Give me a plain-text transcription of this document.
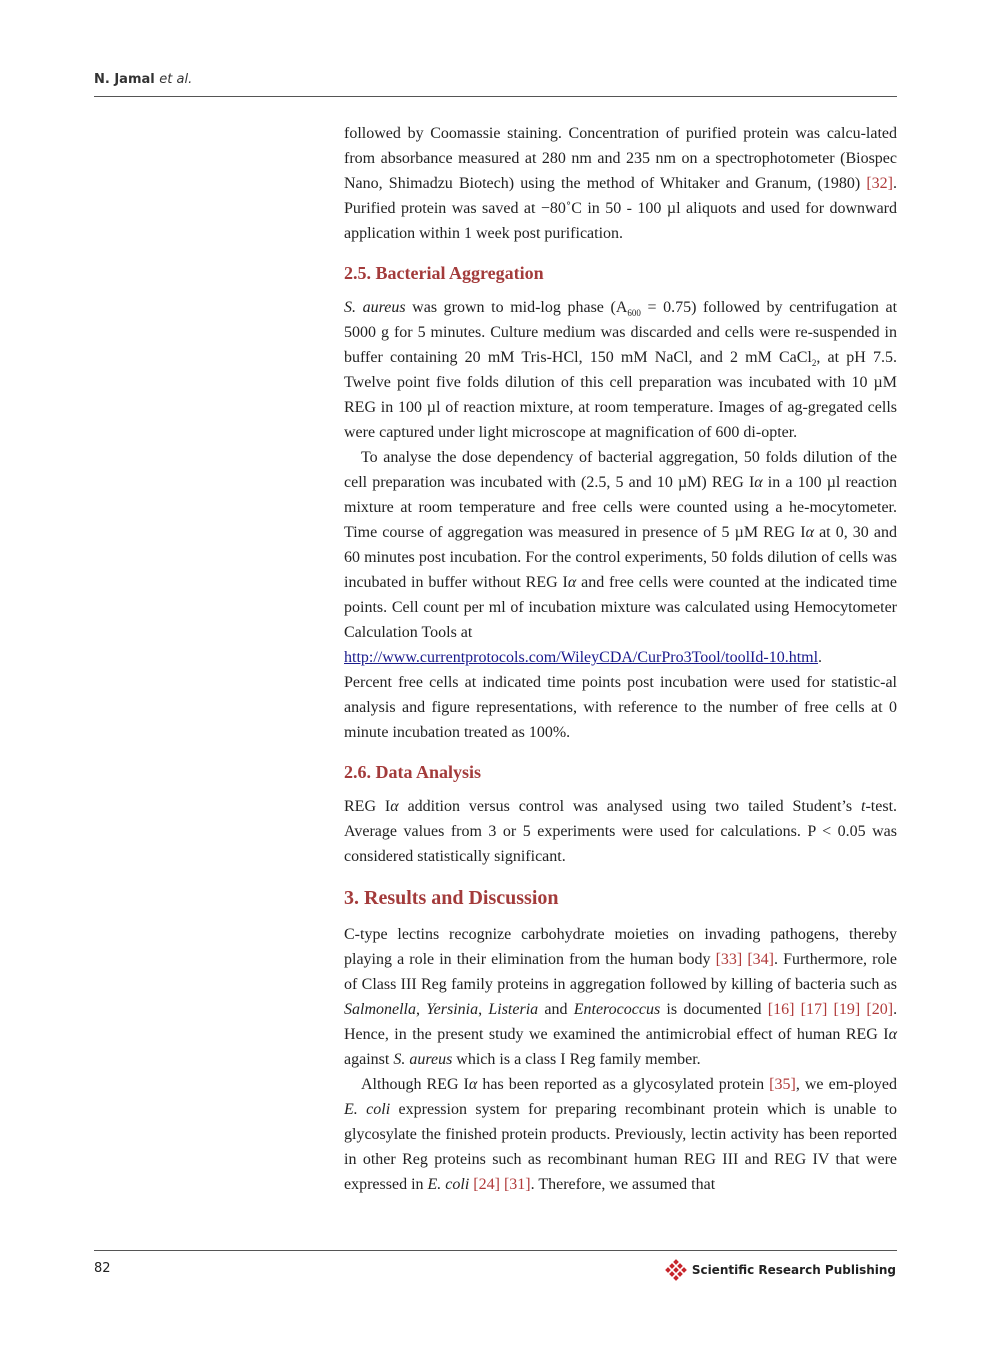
N. Jamal et al.

followed by Coomassie staining. Concentration of purified protein was calcu-lated from absorbance measured at 280 nm and 235 nm on a spectrophotometer (Biospec Nano, Shimadzu Biotech) using the method of Whitaker and Granum, (1980) [32]. Purified protein was saved at −80˚C in 50 - 100 µl aliquots and used for downward application within 1 week post purification.

2.5. Bacterial Aggregation

S. aureus was grown to mid-log phase $(A_{600} = 0.75)$ followed by centrifugation at 5000 g for 5 minutes. Culture medium was discarded and cells were re-suspended in buffer containing 20 mM Tris-HCl, 150 mM NaCl, and 2 mM CaCl$_2$, at pH 7.5. Twelve point five folds dilution of this cell preparation was incubated with 10 µM REG in 100 µl of reaction mixture, at room temperature. Images of ag-gregated cells were captured under light microscope at magnification of 600 di-opter.

To analyse the dose dependency of bacterial aggregation, 50 folds dilution of the cell preparation was incubated with (2.5, 5 and 10 µM) REG Iα in a 100 µl reaction mixture at room temperature and free cells were counted using a he-mocytometer. Time course of aggregation was measured in presence of 5 µM REG Iα at 0, 30 and 60 minutes post incubation. For the control experiments, 50 folds dilution of cells was incubated in buffer without REG Iα and free cells were counted at the indicated time points. Cell count per ml of incubation mixture was calculated using Hemocytometer Calculation Tools at
http://www.currentprotocols.com/WileyCDA/CurPro3Tool/toolId-10.html.
Percent free cells at indicated time points post incubation were used for statistic-al analysis and figure representations, with reference to the number of free cells at 0 minute incubation treated as 100%.

2.6. Data Analysis

REG Iα addition versus control was analysed using two tailed Student’s t-test. Average values from 3 or 5 experiments were used for calculations. P < 0.05 was considered statistically significant.

3. Results and Discussion

C-type lectins recognize carbohydrate moieties on invading pathogens, thereby playing a role in their elimination from the human body [33] [34]. Furthermore, role of Class III Reg family proteins in aggregation followed by killing of bacteria such as Salmonella, Yersinia, Listeria and Enterococcus is documented [16] [17] [19] [20]. Hence, in the present study we examined the antimicrobial effect of human REG Iα against S. aureus which is a class I Reg family member.

Although REG Iα has been reported as a glycosylated protein [35], we em-ployed E. coli expression system for preparing recombinant protein which is unable to glycosylate the finished protein products. Previously, lectin activity has been reported in other Reg proteins such as recombinant human REG III and REG IV that were expressed in E. coli [24] [31]. Therefore, we assumed that

82	Scientific Research Publishing
